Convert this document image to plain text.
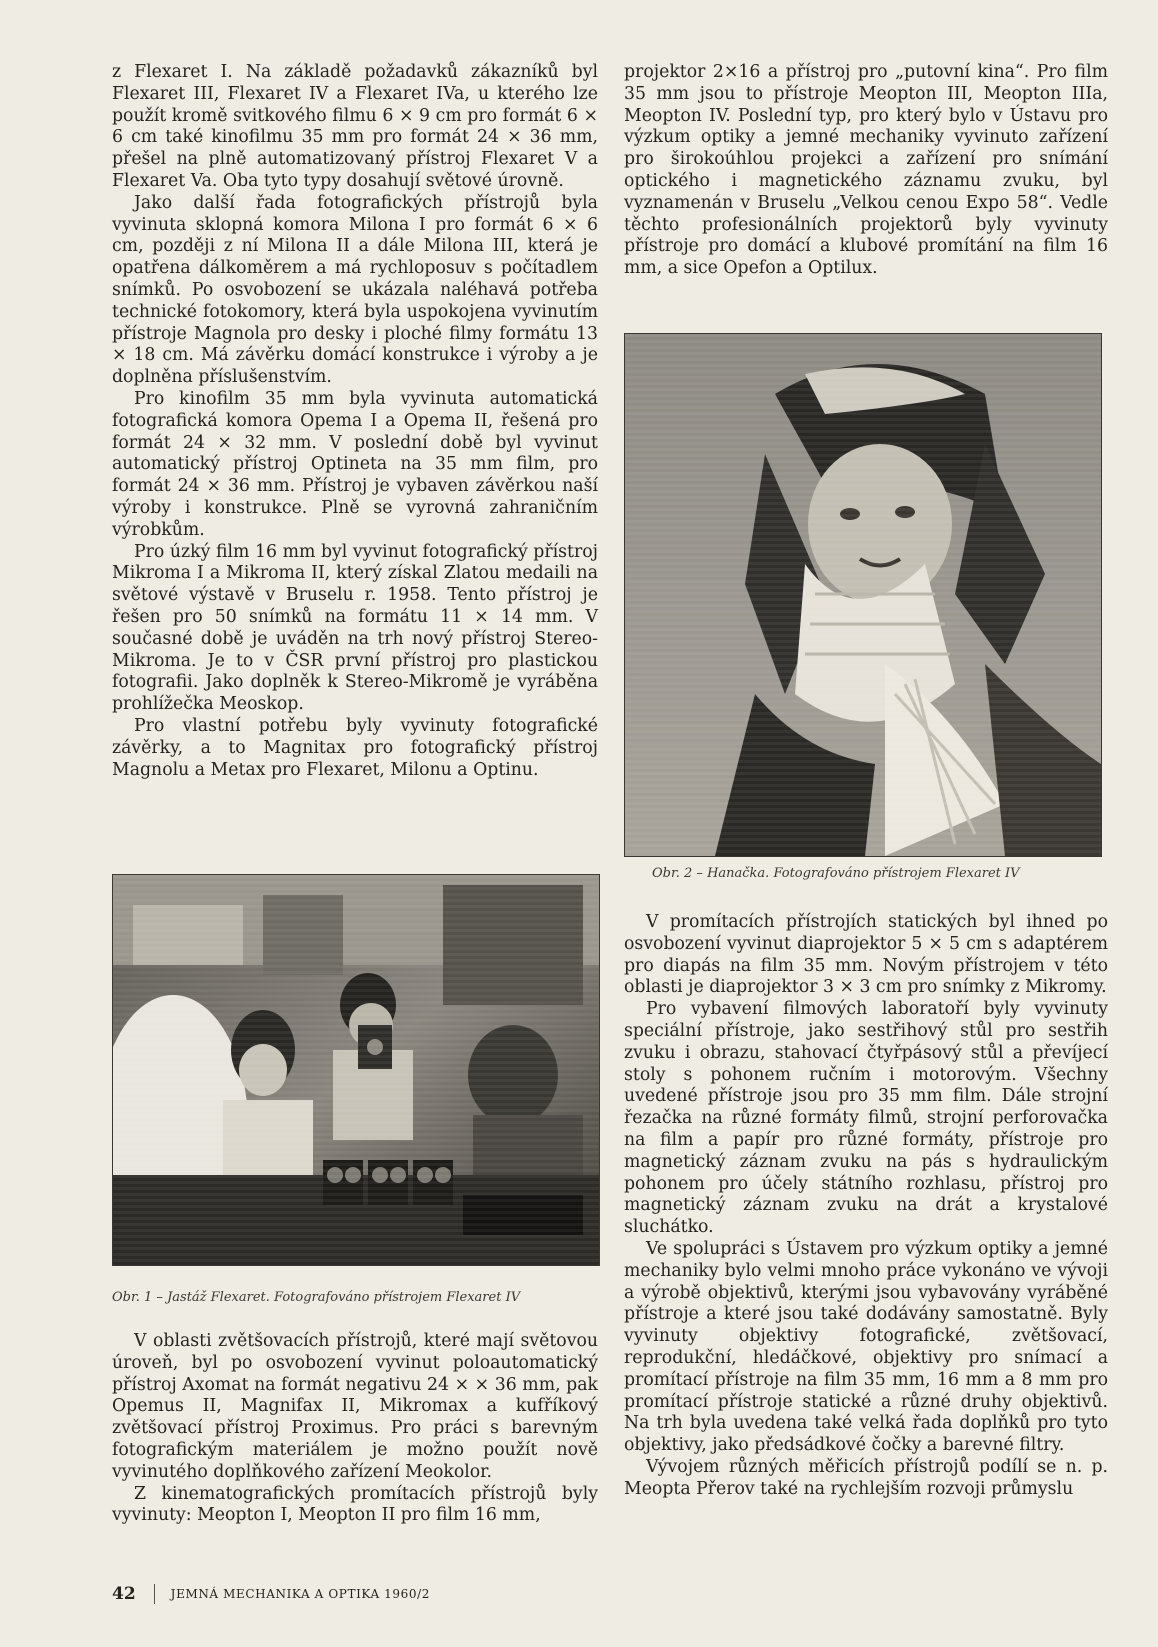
z Flexaret I. Na základě požadavků zákazníků byl Flexaret III, Flexaret IV a Flexaret IVa, u kterého lze použít kromě svitkového filmu 6 × 9 cm pro formát 6 × 6 cm také kinofilmu 35 mm pro formát 24 × 36 mm, přešel na plně automatizovaný přístroj Flexaret V a Flexaret Va. Oba tyto typy dosahují světové úrovně.

Jako další řada fotografických přístrojů byla vyvinuta sklopná komora Milona I pro formát 6 × 6 cm, později z ní Milona II a dále Milona III, která je opatřena dálkoměrem a má rychloposuv s počítadlem snímků. Po osvobození se ukázala naléhavá potřeba technické fotokomory, která byla uspokojena vyvinutím přístroje Magnola pro desky i ploché filmy formátu 13 × 18 cm. Má závěrku domácí konstrukce i výroby a je doplněna příslušenstvím.

Pro kinofilm 35 mm byla vyvinuta automatická fotografická komora Opema I a Opema II, řešená pro formát 24 × 32 mm. V poslední době byl vyvinut automatický přístroj Optineta na 35 mm film, pro formát 24 × 36 mm. Přístroj je vybaven závěrkou naší výroby i konstrukce. Plně se vyrovná zahraničním výrobkům.

Pro úzký film 16 mm byl vyvinut fotografický přístroj Mikroma I a Mikroma II, který získal Zlatou medaili na světové výstavě v Bruselu r. 1958. Tento přístroj je řešen pro 50 snímků na formátu 11 × 14 mm. V současné době je uváděn na trh nový přístroj Stereo-Mikroma. Je to v ČSR první přístroj pro plastickou fotografii. Jako doplněk k Stereo-Mikromě je vyráběna prohlížečka Meoskop.

Pro vlastní potřebu byly vyvinuty fotografické závěrky, a to Magnitax pro fotografický přístroj Magnolu a Metax pro Flexaret, Milonu a Optinu.

Obr. 1 – Jastáž Flexaret. Fotografováno přístrojem Flexaret IV

V oblasti zvětšovacích přístrojů, které mají světovou úroveň, byl po osvobození vyvinut poloautomatický přístroj Axomat na formát negativu 24 × × 36 mm, pak Opemus II, Magnifax II, Mikromax a kufříkový zvětšovací přístroj Proximus. Pro práci s barevným fotografickým materiálem je možno použít nově vyvinutého doplňkového zařízení Meokolor.

Z kinematografických promítacích přístrojů byly vyvinuty: Meopton I, Meopton II pro film 16 mm,

projektor 2×16 a přístroj pro „putovní kina“. Pro film 35 mm jsou to přístroje Meopton III, Meopton IIIa, Meopton IV. Poslední typ, pro který bylo v Ústavu pro výzkum optiky a jemné mechaniky vyvinuto zařízení pro širokoúhlou projekci a zařízení pro snímání optického i magnetického záznamu zvuku, byl vyznamenán v Bruselu „Velkou cenou Expo 58“. Vedle těchto profesionálních projektorů byly vyvinuty přístroje pro domácí a klubové promítání na film 16 mm, a sice Opefon a Optilux.

Obr. 2 – Hanačka. Fotografováno přístrojem Flexaret IV

V promítacích přístrojích statických byl ihned po osvobození vyvinut diaprojektor 5 × 5 cm s adaptérem pro diapás na film 35 mm. Novým přístrojem v této oblasti je diaprojektor 3 × 3 cm pro snímky z Mikromy.

Pro vybavení filmových laboratoří byly vyvinuty speciální přístroje, jako sestřihový stůl pro sestřih zvuku i obrazu, stahovací čtyřpásový stůl a převíjecí stoly s pohonem ručním i motorovým. Všechny uvedené přístroje jsou pro 35 mm film. Dále strojní řezačka na různé formáty filmů, strojní perforovačka na film a papír pro různé formáty, přístroje pro magnetický záznam zvuku na pás s hydraulickým pohonem pro účely státního rozhlasu, přístroj pro magnetický záznam zvuku na drát a krystalové sluchátko.

Ve spolupráci s Ústavem pro výzkum optiky a jemné mechaniky bylo velmi mnoho práce vykonáno ve vývoji a výrobě objektivů, kterými jsou vybavovány vyráběné přístroje a které jsou také dodávány samostatně. Byly vyvinuty objektivy fotografické, zvětšovací, reprodukční, hledáčkové, objektivy pro snímací a promítací přístroje na film 35 mm, 16 mm a 8 mm pro promítací přístroje statické a různé druhy objektivů. Na trh byla uvedena také velká řada doplňků pro tyto objektivy, jako předsádkové čočky a barevné filtry.

Vývojem různých měřicích přístrojů podílí se n. p. Meopta Přerov také na rychlejším rozvoji průmyslu

42	JEMNÁ MECHANIKA A OPTIKA 1960/2
